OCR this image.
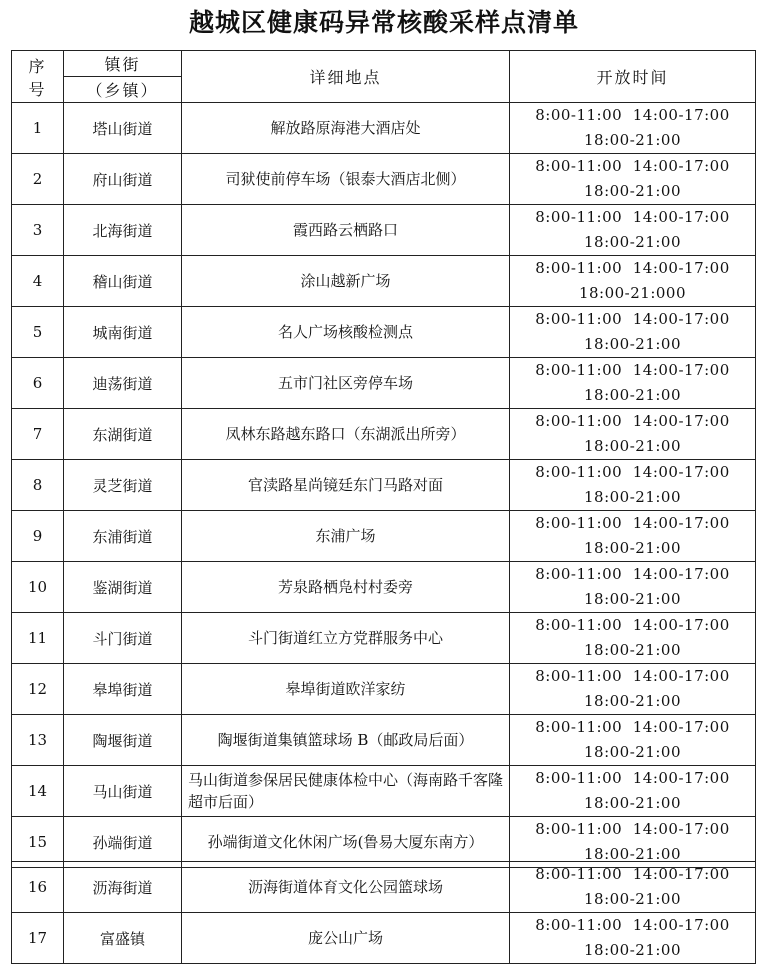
越城区健康码异常核酸采样点清单
序
号	镇街	详细地点	开放时间
	（乡镇）		
1	塔山街道	解放路原海港大酒店处	8:00-11:00  14:00-17:00
18:00-21:00

2	府山街道	司狱使前停车场（银泰大酒店北侧）	8:00-11:00  14:00-17:00
18:00-21:00

3	北海街道	霞西路云栖路口	8:00-11:00  14:00-17:00
18:00-21:00

4	稽山街道	涂山越新广场	8:00-11:00  14:00-17:00
18:00-21:000

5	城南街道	名人广场核酸检测点	8:00-11:00  14:00-17:00
18:00-21:00

6	迪荡街道	五市门社区旁停车场	8:00-11:00  14:00-17:00
18:00-21:00

7	东湖街道	凤林东路越东路口（东湖派出所旁）	8:00-11:00  14:00-17:00
18:00-21:00

8	灵芝街道	官渎路星尚镜廷东门马路对面	8:00-11:00  14:00-17:00
18:00-21:00

9	东浦街道	东浦广场	8:00-11:00  14:00-17:00
18:00-21:00

10	鉴湖街道	芳泉路栖凫村村委旁	8:00-11:00  14:00-17:00
18:00-21:00

11	斗门街道	斗门街道红立方党群服务中心	8:00-11:00  14:00-17:00
18:00-21:00

12	皋埠街道	皋埠街道欧洋家纺	8:00-11:00  14:00-17:00
18:00-21:00

13	陶堰街道	陶堰街道集镇篮球场 B（邮政局后面）	8:00-11:00  14:00-17:00
18:00-21:00

14	马山街道	马山街道参保居民健康体检中心（海南路千客隆超市后面）	8:00-11:00  14:00-17:00
18:00-21:00

15	孙端街道	孙端街道文化休闲广场(鲁易大厦东南方）	8:00-11:00  14:00-17:00
18:00-21:00
16	沥海街道	沥海街道体育文化公园篮球场	8:00-11:00  14:00-17:00
18:00-21:00

17	富盛镇	庞公山广场	8:00-11:00  14:00-17:00
18:00-21:00
